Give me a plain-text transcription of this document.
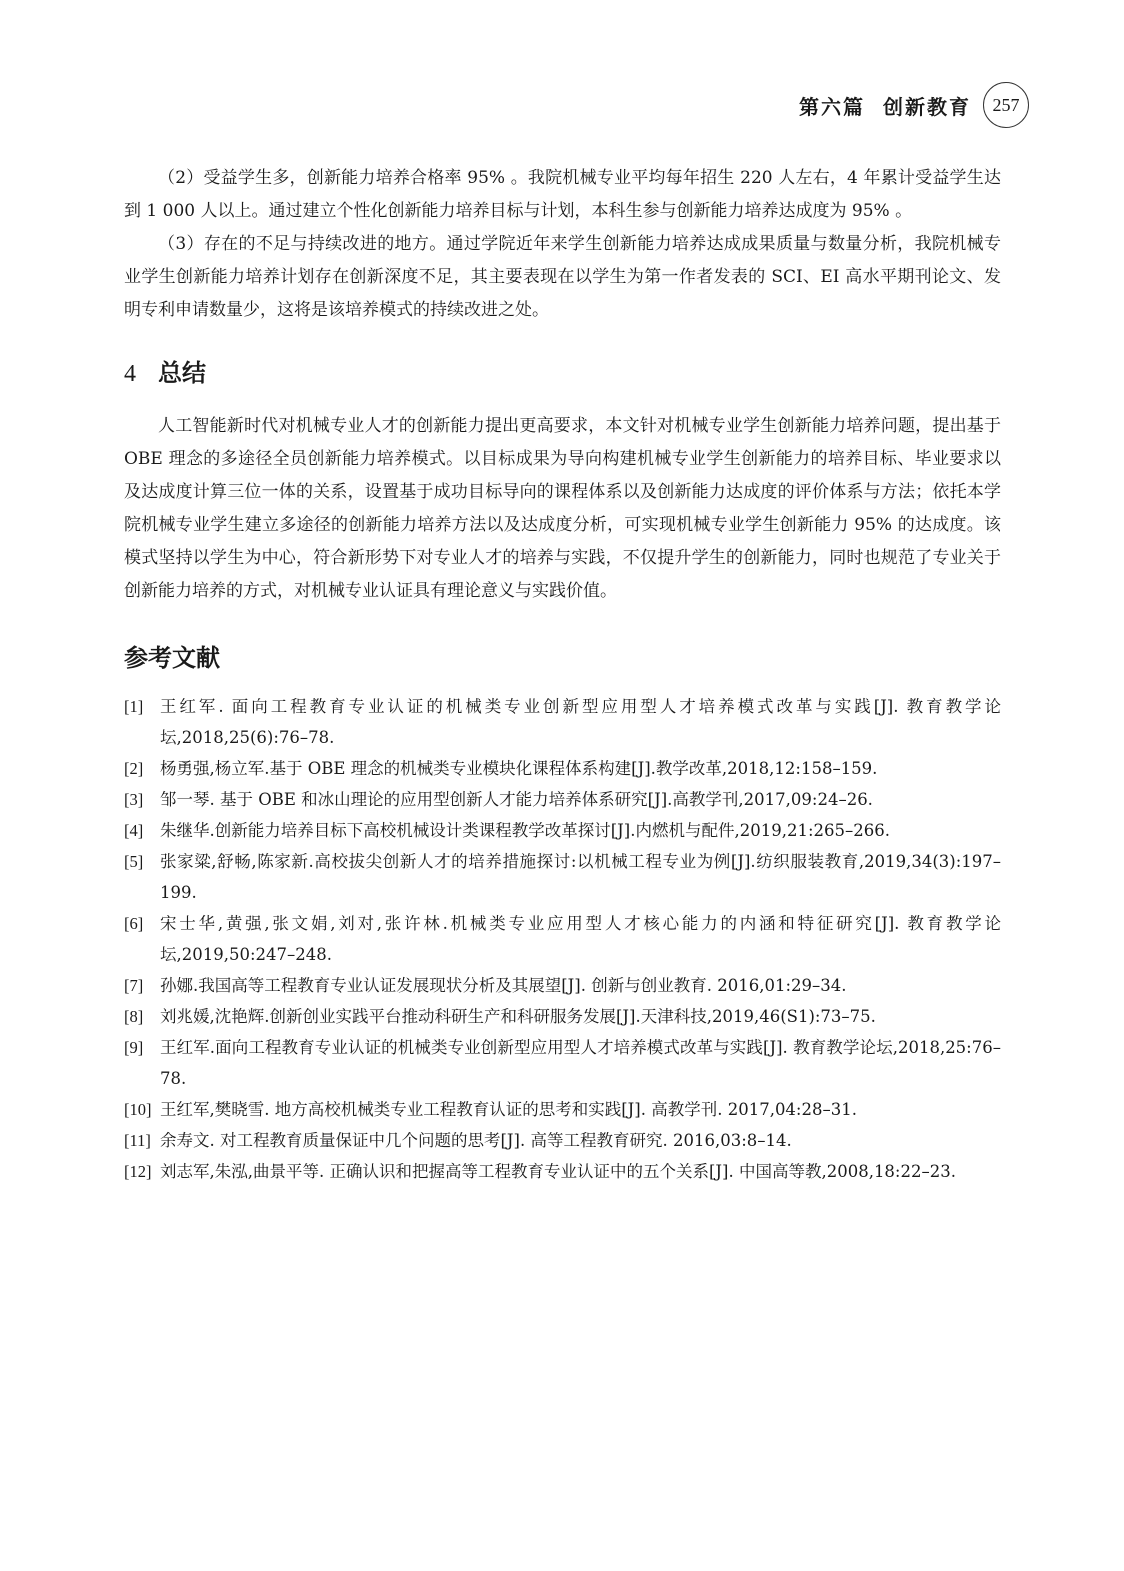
第六篇 创新教育	257

（2）受益学生多，创新能力培养合格率 95% 。我院机械专业平均每年招生 220 人左右，4 年累计受益学生达到 1 000 人以上。通过建立个性化创新能力培养目标与计划，本科生参与创新能力培养达成度为 95% 。

（3）存在的不足与持续改进的地方。通过学院近年来学生创新能力培养达成成果质量与数量分析，我院机械专业学生创新能力培养计划存在创新深度不足，其主要表现在以学生为第一作者发表的 SCI、EI 高水平期刊论文、发明专利申请数量少，这将是该培养模式的持续改进之处。

4 总结

人工智能新时代对机械专业人才的创新能力提出更高要求，本文针对机械专业学生创新能力培养问题，提出基于 OBE 理念的多途径全员创新能力培养模式。以目标成果为导向构建机械专业学生创新能力的培养目标、毕业要求以及达成度计算三位一体的关系，设置基于成功目标导向的课程体系以及创新能力达成度的评价体系与方法；依托本学院机械专业学生建立多途径的创新能力培养方法以及达成度分析，可实现机械专业学生创新能力 95% 的达成度。该模式坚持以学生为中心，符合新形势下对专业人才的培养与实践，不仅提升学生的创新能力，同时也规范了专业关于创新能力培养的方式，对机械专业认证具有理论意义与实践价值。

参考文献
[1]	王红军. 面向工程教育专业认证的机械类专业创新型应用型人才培养模式改革与实践[J]. 教育教学论坛,2018,25(6):76–78.
[2]	杨勇强,杨立军.基于 OBE 理念的机械类专业模块化课程体系构建[J].教学改革,2018,12:158–159.
[3]	邹一琴. 基于 OBE 和冰山理论的应用型创新人才能力培养体系研究[J].高教学刊,2017,09:24–26.
[4]	朱继华.创新能力培养目标下高校机械设计类课程教学改革探讨[J].内燃机与配件,2019,21:265–266.
[5]	张家粱,舒畅,陈家新.高校拔尖创新人才的培养措施探讨:以机械工程专业为例[J].纺织服装教育,2019,34(3):197–199.
[6]	宋士华,黄强,张文娟,刘对,张许林.机械类专业应用型人才核心能力的内涵和特征研究[J]. 教育教学论坛,2019,50:247–248.
[7]	孙娜.我国高等工程教育专业认证发展现状分析及其展望[J]. 创新与创业教育. 2016,01:29–34.
[8]	刘兆媛,沈艳辉.创新创业实践平台推动科研生产和科研服务发展[J].天津科技,2019,46(S1):73–75.
[9]	王红军.面向工程教育专业认证的机械类专业创新型应用型人才培养模式改革与实践[J]. 教育教学论坛,2018,25:76–78.
[10] 王红军,樊晓雪. 地方高校机械类专业工程教育认证的思考和实践[J]. 高教学刊. 2017,04:28–31.
[11] 余寿文. 对工程教育质量保证中几个问题的思考[J]. 高等工程教育研究. 2016,03:8–14.
[12] 刘志军,朱泓,曲景平等. 正确认识和把握高等工程教育专业认证中的五个关系[J]. 中国高等教,2008,18:22–23.
